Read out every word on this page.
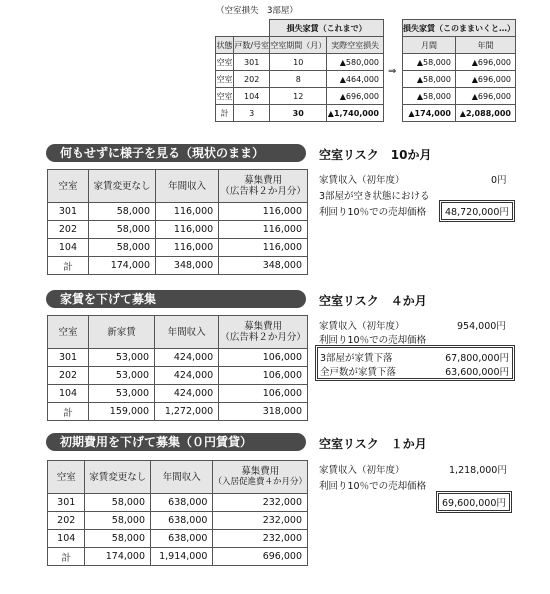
（空室損失　3部屋）
		損失家賃（これまで）	
状態	戸数/号室	空室期間（月）	実際空室損失
空室	301	10	▲580,000
空室	202	8	▲464,000
空室	104	12	▲696,000
計	3	30	▲1,740,000
⇒
損失家賃（このままいくと…）	
月間	年間
▲58,000	▲696,000
▲58,000	▲696,000
▲58,000	▲696,000
▲174,000	▲2,088,000
何もせずに様子を見る（現状のまま）	空室リスク　10か月
空室	家賃変更なし	年間収入	募集費用
（広告料２か月分）

301	58,000	116,000	116,000
202	58,000	116,000	116,000
104	58,000	116,000	116,000
計	174,000	348,000	348,000
家賃収入（初年度）	0円
3部屋が空き状態における
利回り10％での売却価格	48,720,000円
家賃を下げて募集	空室リスク　４か月
空室	新家賃	年間収入	募集費用
（広告料２か月分）

301	53,000	424,000	106,000
202	53,000	424,000	106,000
104	53,000	424,000	106,000
計	159,000	1,272,000	318,000
家賃収入（初年度）	954,000円
利回り10％での売却価格
3部屋が家賃下落	67,800,000円
全戸数が家賃下落	63,600,000円
初期費用を下げて募集（０円賃貸）	空室リスク　１か月
空室	家賃変更なし	年間収入	募集費用
（入居促進費４か月分）

301	58,000	638,000	232,000
202	58,000	638,000	232,000
104	58,000	638,000	232,000
計	174,000	1,914,000	696,000
家賃収入（初年度）	1,218,000円
利回り10％での売却価格
69,600,000円
